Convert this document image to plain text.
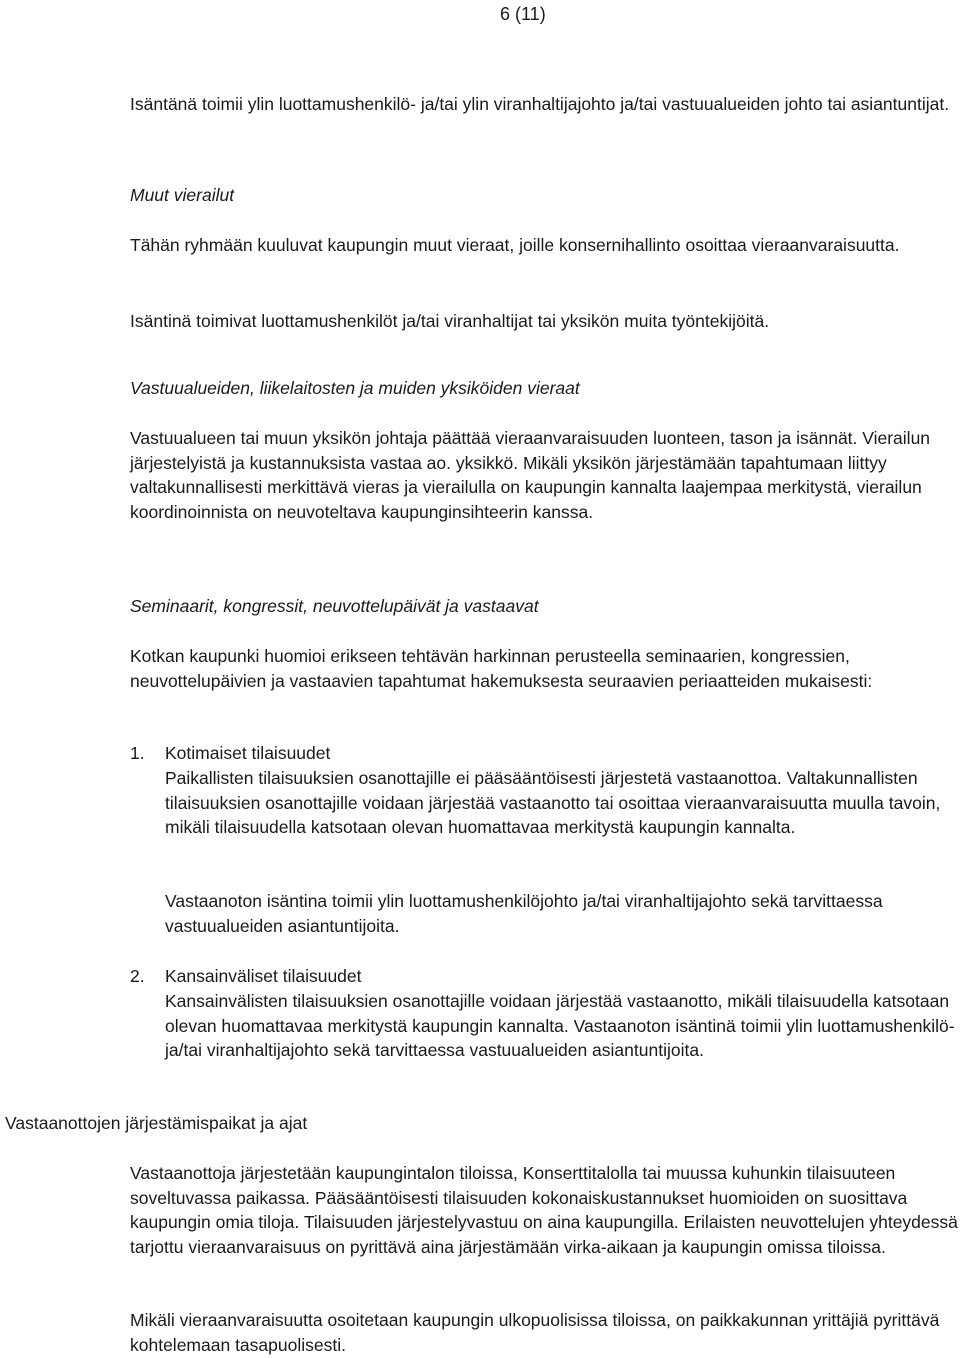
6 (11)

Isäntänä toimii ylin luottamushenkilö- ja/tai ylin viranhaltijajohto ja/tai vastuualueiden johto tai asiantuntijat.

Muut vierailut

Tähän ryhmään kuuluvat kaupungin muut vieraat, joille konsernihallinto osoittaa vieraanvaraisuutta.

Isäntinä toimivat luottamushenkilöt ja/tai viranhaltijat tai yksikön muita työntekijöitä.

Vastuualueiden, liikelaitosten ja muiden yksiköiden vieraat

Vastuualueen tai muun yksikön johtaja päättää vieraanvaraisuuden luonteen, tason ja isännät. Vierailun järjestelyistä ja kustannuksista vastaa ao. yksikkö. Mikäli yksikön järjestämään tapahtumaan liittyy valtakunnallisesti merkittävä vieras ja vierailulla on kaupungin kannalta laajempaa merkitystä, vierailun koordinoinnista on neuvoteltava kaupunginsihteerin kanssa.

Seminaarit, kongressit, neuvottelupäivät ja vastaavat

Kotkan kaupunki huomioi erikseen tehtävän harkinnan perusteella seminaarien, kongressien, neuvottelupäivien ja vastaavien tapahtumat hakemuksesta seuraavien periaatteiden mukaisesti:

1. Kotimaiset tilaisuudet

Paikallisten tilaisuuksien osanottajille ei pääsääntöisesti järjestetä vastaanottoa. Valtakunnallisten tilaisuuksien osanottajille voidaan järjestää vastaanotto tai osoittaa vieraanvaraisuutta muulla tavoin, mikäli tilaisuudella katsotaan olevan huomattavaa merkitystä kaupungin kannalta.

Vastaanoton isäntina toimii ylin luottamushenkilöjohto ja/tai viranhaltijajohto sekä tarvittaessa vastuualueiden asiantuntijoita.

2. Kansainväliset tilaisuudet

Kansainvälisten tilaisuuksien osanottajille voidaan järjestää vastaanotto, mikäli tilaisuudella katsotaan olevan huomattavaa merkitystä kaupungin kannalta. Vastaanoton isäntinä toimii ylin luottamushenkilö- ja/tai viranhaltijajohto sekä tarvittaessa vastuualueiden asiantuntijoita.

Vastaanottojen järjestämispaikat ja ajat

Vastaanottoja järjestetään kaupungintalon tiloissa, Konserttitalolla tai muussa kuhunkin tilaisuuteen soveltuvassa paikassa. Pääsääntöisesti tilaisuuden kokonaiskustannukset huomioiden on suosittava kaupungin omia tiloja. Tilaisuuden järjestelyvastuu on aina kaupungilla. Erilaisten neuvottelujen yhteydessä tarjottu vieraanvaraisuus on pyrittävä aina järjestämään virka-aikaan ja kaupungin omissa tiloissa.

Mikäli vieraanvaraisuutta osoitetaan kaupungin ulkopuolisissa tiloissa, on paikkakunnan yrittäjiä pyrittävä kohtelemaan tasapuolisesti.
